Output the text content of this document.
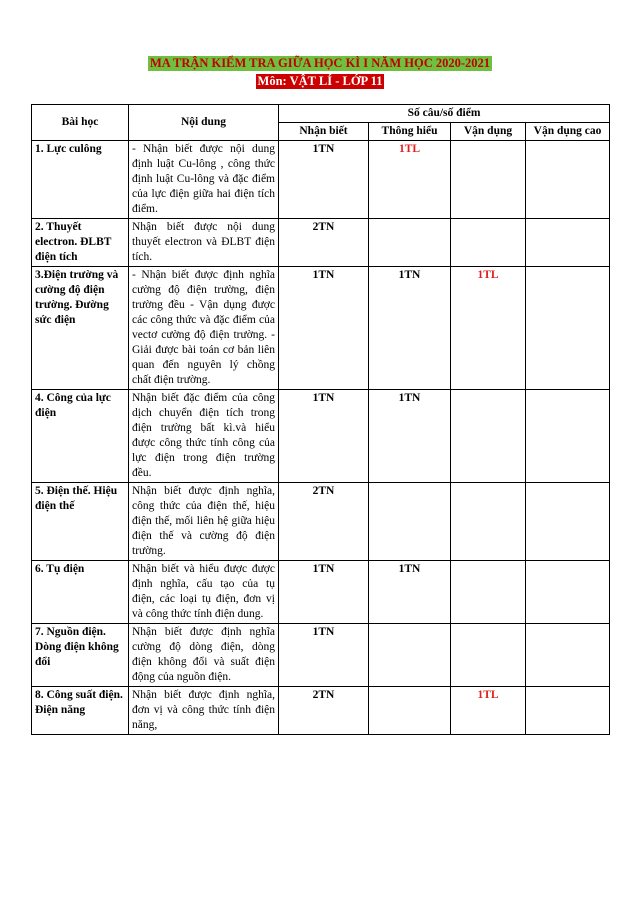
MA TRẬN KIỂM TRA GIỮA HỌC KÌ I NĂM HỌC 2020-2021
Môn: VẬT LÍ - LỚP 11
Bài học	Nội dung	Số câu/số điểm			
		Nhận biết	Thông hiểu	Vận dụng	Vận dụng cao
1. Lực culông	- Nhận biết được nội dung định luật Cu-lông , công thức định luật Cu-lông và đặc điểm của lực điện giữa hai điện tích điểm.	1TN	1TL		
2. Thuyết electron. ĐLBT điện tích	Nhận biết được nội dung thuyết electron và ĐLBT điện tích.	2TN			
3.Điện trường và cường độ điện trường. Đường sức điện	- Nhận biết được định nghĩa cường độ điện trường, điện trường đều - Vận dụng được các công thức và đặc điểm của vectơ cường độ điện trường. - Giải được bài toán cơ bản liên quan đến nguyên lý chồng chất điện trường.	1TN	1TN	1TL	
4. Công của lực điện	Nhận biết đặc điểm của công dịch chuyển điện tích trong điện trường bất kì.và hiểu được công thức tính công của lực điện trong điện trường đều.	1TN	1TN		
5. Điện thế. Hiệu điện thế	Nhận biết được định nghĩa, công thức của điện thế, hiệu điện thế, mối liên hệ giữa hiệu điện thế và cường độ điện trường.	2TN			
6. Tụ điện	Nhận biết và hiểu được được định nghĩa, cấu tạo của tụ điện, các loại tụ điện, đơn vị và công thức tính điện dung.	1TN	1TN		
7. Nguồn điện. Dòng điện không đổi	Nhận biết được định nghĩa cường độ dòng điện, dòng điện không đổi và suất điện động của nguồn điện.	1TN			
8. Công suất điện. Điện năng	Nhận biết được định nghĩa, đơn vị và công thức tính điện năng,	2TN		1TL	
